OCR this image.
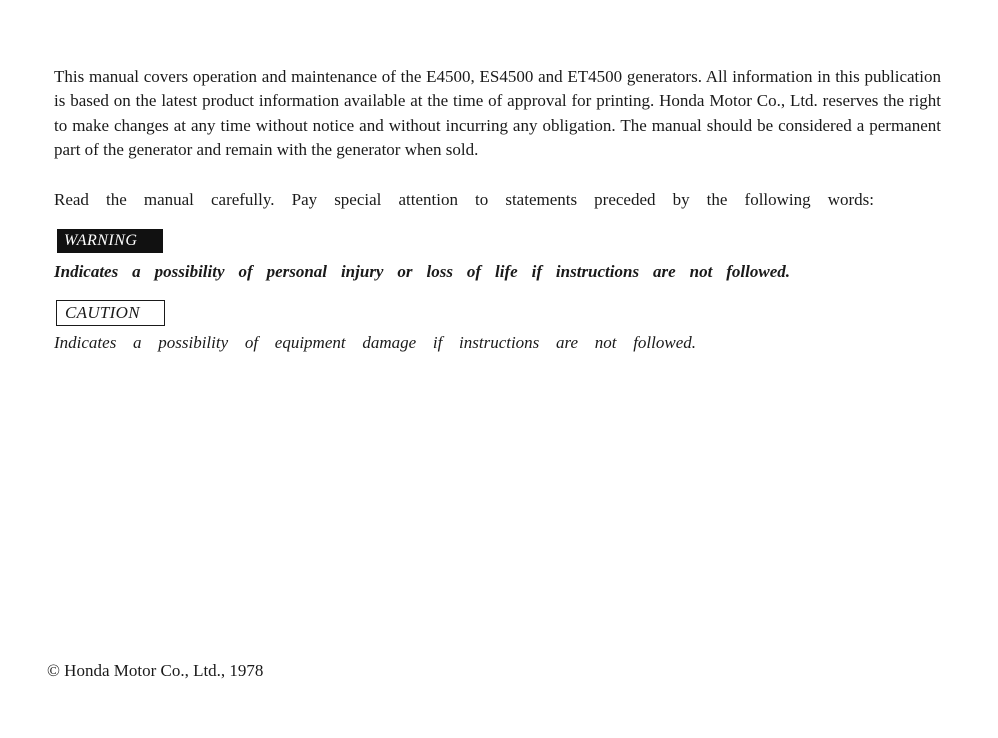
This manual covers operation and maintenance of the E4500, ES4500 and ET4500 generators. All information in this publication is based on the latest product information available at the time of approval for printing. Honda Motor Co., Ltd. reserves the right to make changes at any time without notice and without incurring any obligation. The manual should be considered a permanent part of the generator and remain with the generator when sold.

Read the manual carefully. Pay special attention to statements preceded by the following words:

WARNING

Indicates a possibility of personal injury or loss of life if instructions are not followed.

CAUTION

Indicates a possibility of equipment damage if instructions are not followed.

© Honda Motor Co., Ltd., 1978
